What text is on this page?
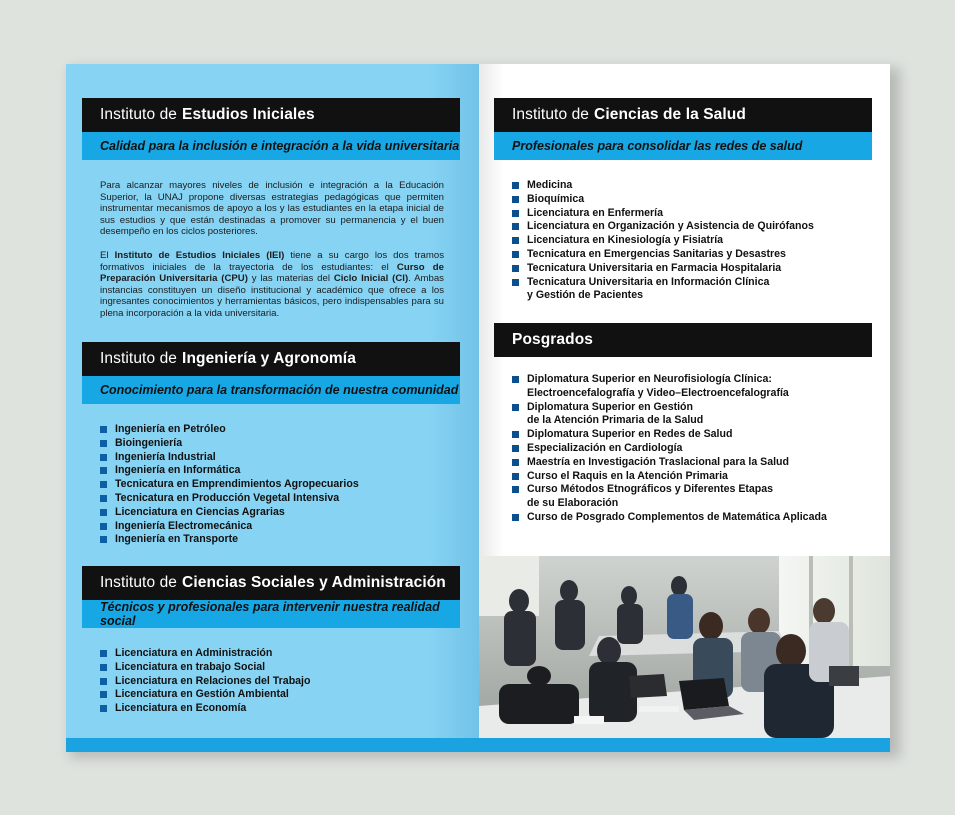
Instituto de Estudios Iniciales
Calidad para la inclusión e integración a la vida universitaria
Para alcanzar mayores niveles de inclusión e integración a la Educación Superior, la UNAJ propone diversas estrategias pedagógicas que permiten instrumentar mecanismos de apoyo a los y las estudiantes en la etapa inicial de sus estudios y que están destinadas a promover su permanencia y el buen desempeño en los ciclos posteriores.
El Instituto de Estudios Iniciales (IEI) tiene a su cargo los dos tramos formativos iniciales de la trayectoria de los estudiantes: el Curso de Preparación Universitaria (CPU) y las materias del Ciclo Inicial (CI). Ambas instancias constituyen un diseño institucional y académico que ofrece a los ingresantes conocimientos y herramientas básicos, pero indispensables para su plena incorporación a la vida universitaria.
Instituto de Ingeniería y Agronomía
Conocimiento para la transformación de nuestra comunidad
Ingeniería en Petróleo
Bioingeniería
Ingeniería Industrial
Ingeniería en Informática
Tecnicatura en Emprendimientos Agropecuarios
Tecnicatura en Producción Vegetal Intensiva
Licenciatura en Ciencias Agrarias
Ingeniería Electromecánica
Ingeniería en Transporte
Instituto de Ciencias Sociales y Administración
Técnicos y profesionales para intervenir nuestra realidad social
Licenciatura en Administración
Licenciatura en trabajo Social
Licenciatura en Relaciones del Trabajo
Licenciatura en Gestión Ambiental
Licenciatura en Economía
Instituto de Ciencias de la Salud
Profesionales para consolidar las redes de salud
Medicina
Bioquímica
Licenciatura en Enfermería
Licenciatura en Organización y Asistencia de Quirófanos
Licenciatura en Kinesiología y Fisiatría
Tecnicatura en Emergencias Sanitarias y Desastres
Tecnicatura Universitaria en Farmacia Hospitalaria
Tecnicatura Universitaria en Información Clínica
y Gestión de Pacientes
Posgrados
Diplomatura Superior en Neurofisiología Clínica:
Electroencefalografía y Video–Electroencefalografía
Diplomatura Superior en Gestión
de la Atención Primaria de la Salud
Diplomatura Superior en Redes de Salud
Especialización en Cardiología
Maestría en Investigación Traslacional para la Salud
Curso el Raquis en la Atención Primaria
Curso Métodos Etnográficos y Diferentes Etapas
de su Elaboración
Curso de Posgrado Complementos de Matemática Aplicada
